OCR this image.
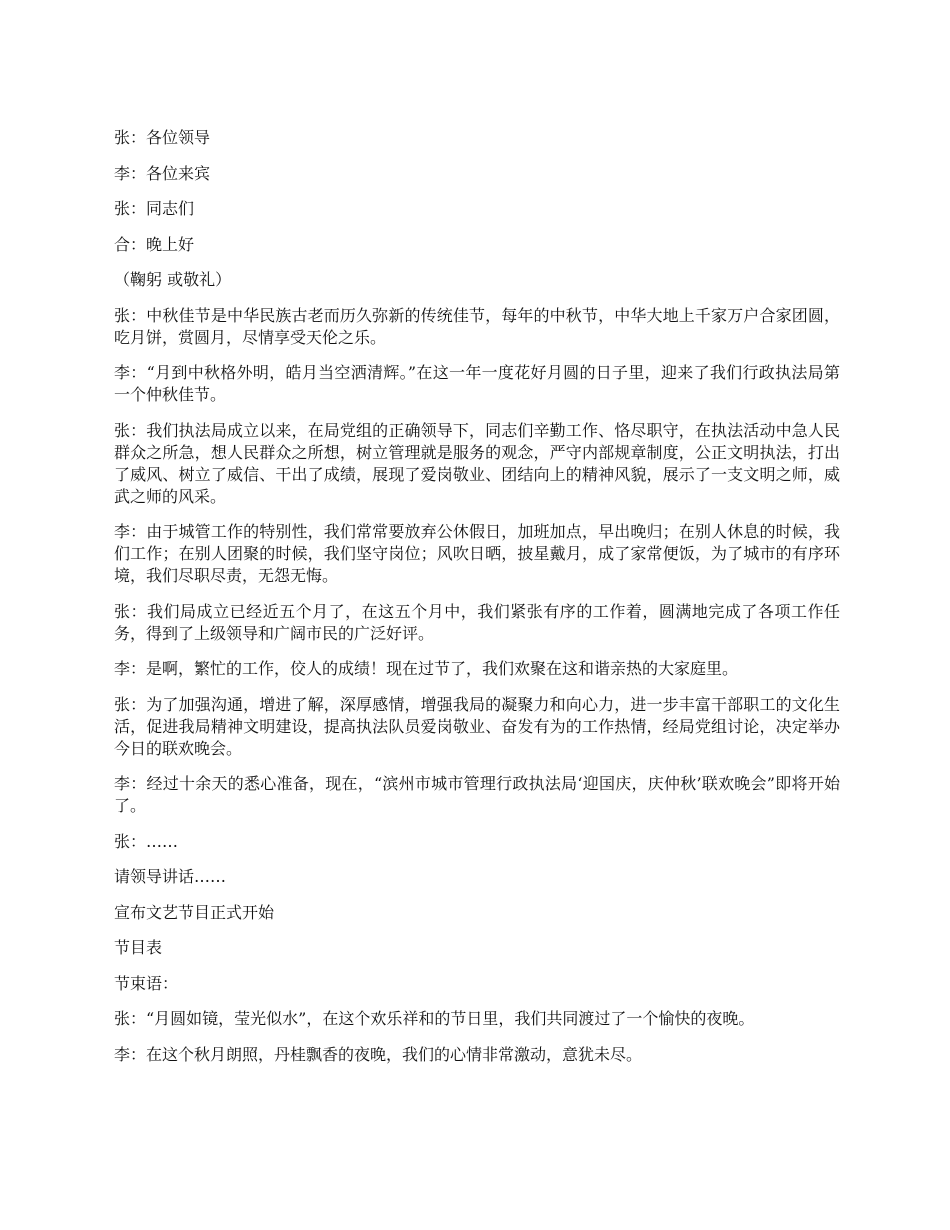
张：各位领导

李：各位来宾

张：同志们

合：晚上好

（鞠躬 或敬礼）

张：中秋佳节是中华民族古老而历久弥新的传统佳节，每年的中秋节，中华大地上千家万户合家团圆，吃月饼，赏圆月，尽情享受天伦之乐。

李：“月到中秋格外明，皓月当空洒清辉。”在这一年一度花好月圆的日子里，迎来了我们行政执法局第一个仲秋佳节。

张：我们执法局成立以来，在局党组的正确领导下，同志们辛勤工作、恪尽职守，在执法活动中急人民群众之所急，想人民群众之所想，树立管理就是服务的观念，严守内部规章制度，公正文明执法，打出了威风、树立了威信、干出了成绩，展现了爱岗敬业、团结向上的精神风貌，展示了一支文明之师，威武之师的风采。

李：由于城管工作的特别性，我们常常要放弃公休假日，加班加点，早出晚归；在别人休息的时候，我们工作；在别人团聚的时候，我们坚守岗位；风吹日晒，披星戴月，成了家常便饭，为了城市的有序环境，我们尽职尽责，无怨无悔。

张：我们局成立已经近五个月了，在这五个月中，我们紧张有序的工作着，圆满地完成了各项工作任务，得到了上级领导和广阔市民的广泛好评。

李：是啊，繁忙的工作，佼人的成绩！现在过节了，我们欢聚在这和谐亲热的大家庭里。

张：为了加强沟通，增进了解，深厚感情，增强我局的凝聚力和向心力，进一步丰富干部职工的文化生活，促进我局精神文明建设，提高执法队员爱岗敬业、奋发有为的工作热情，经局党组讨论，决定举办今日的联欢晚会。

李：经过十余天的悉心准备，现在，“滨州市城市管理行政执法局‘迎国庆，庆仲秋’联欢晚会”即将开始了。

张：……

请领导讲话……

宣布文艺节目正式开始

节目表

节束语：

张：“月圆如镜，莹光似水”，在这个欢乐祥和的节日里，我们共同渡过了一个愉快的夜晚。

李：在这个秋月朗照，丹桂飘香的夜晚，我们的心情非常激动，意犹未尽。
